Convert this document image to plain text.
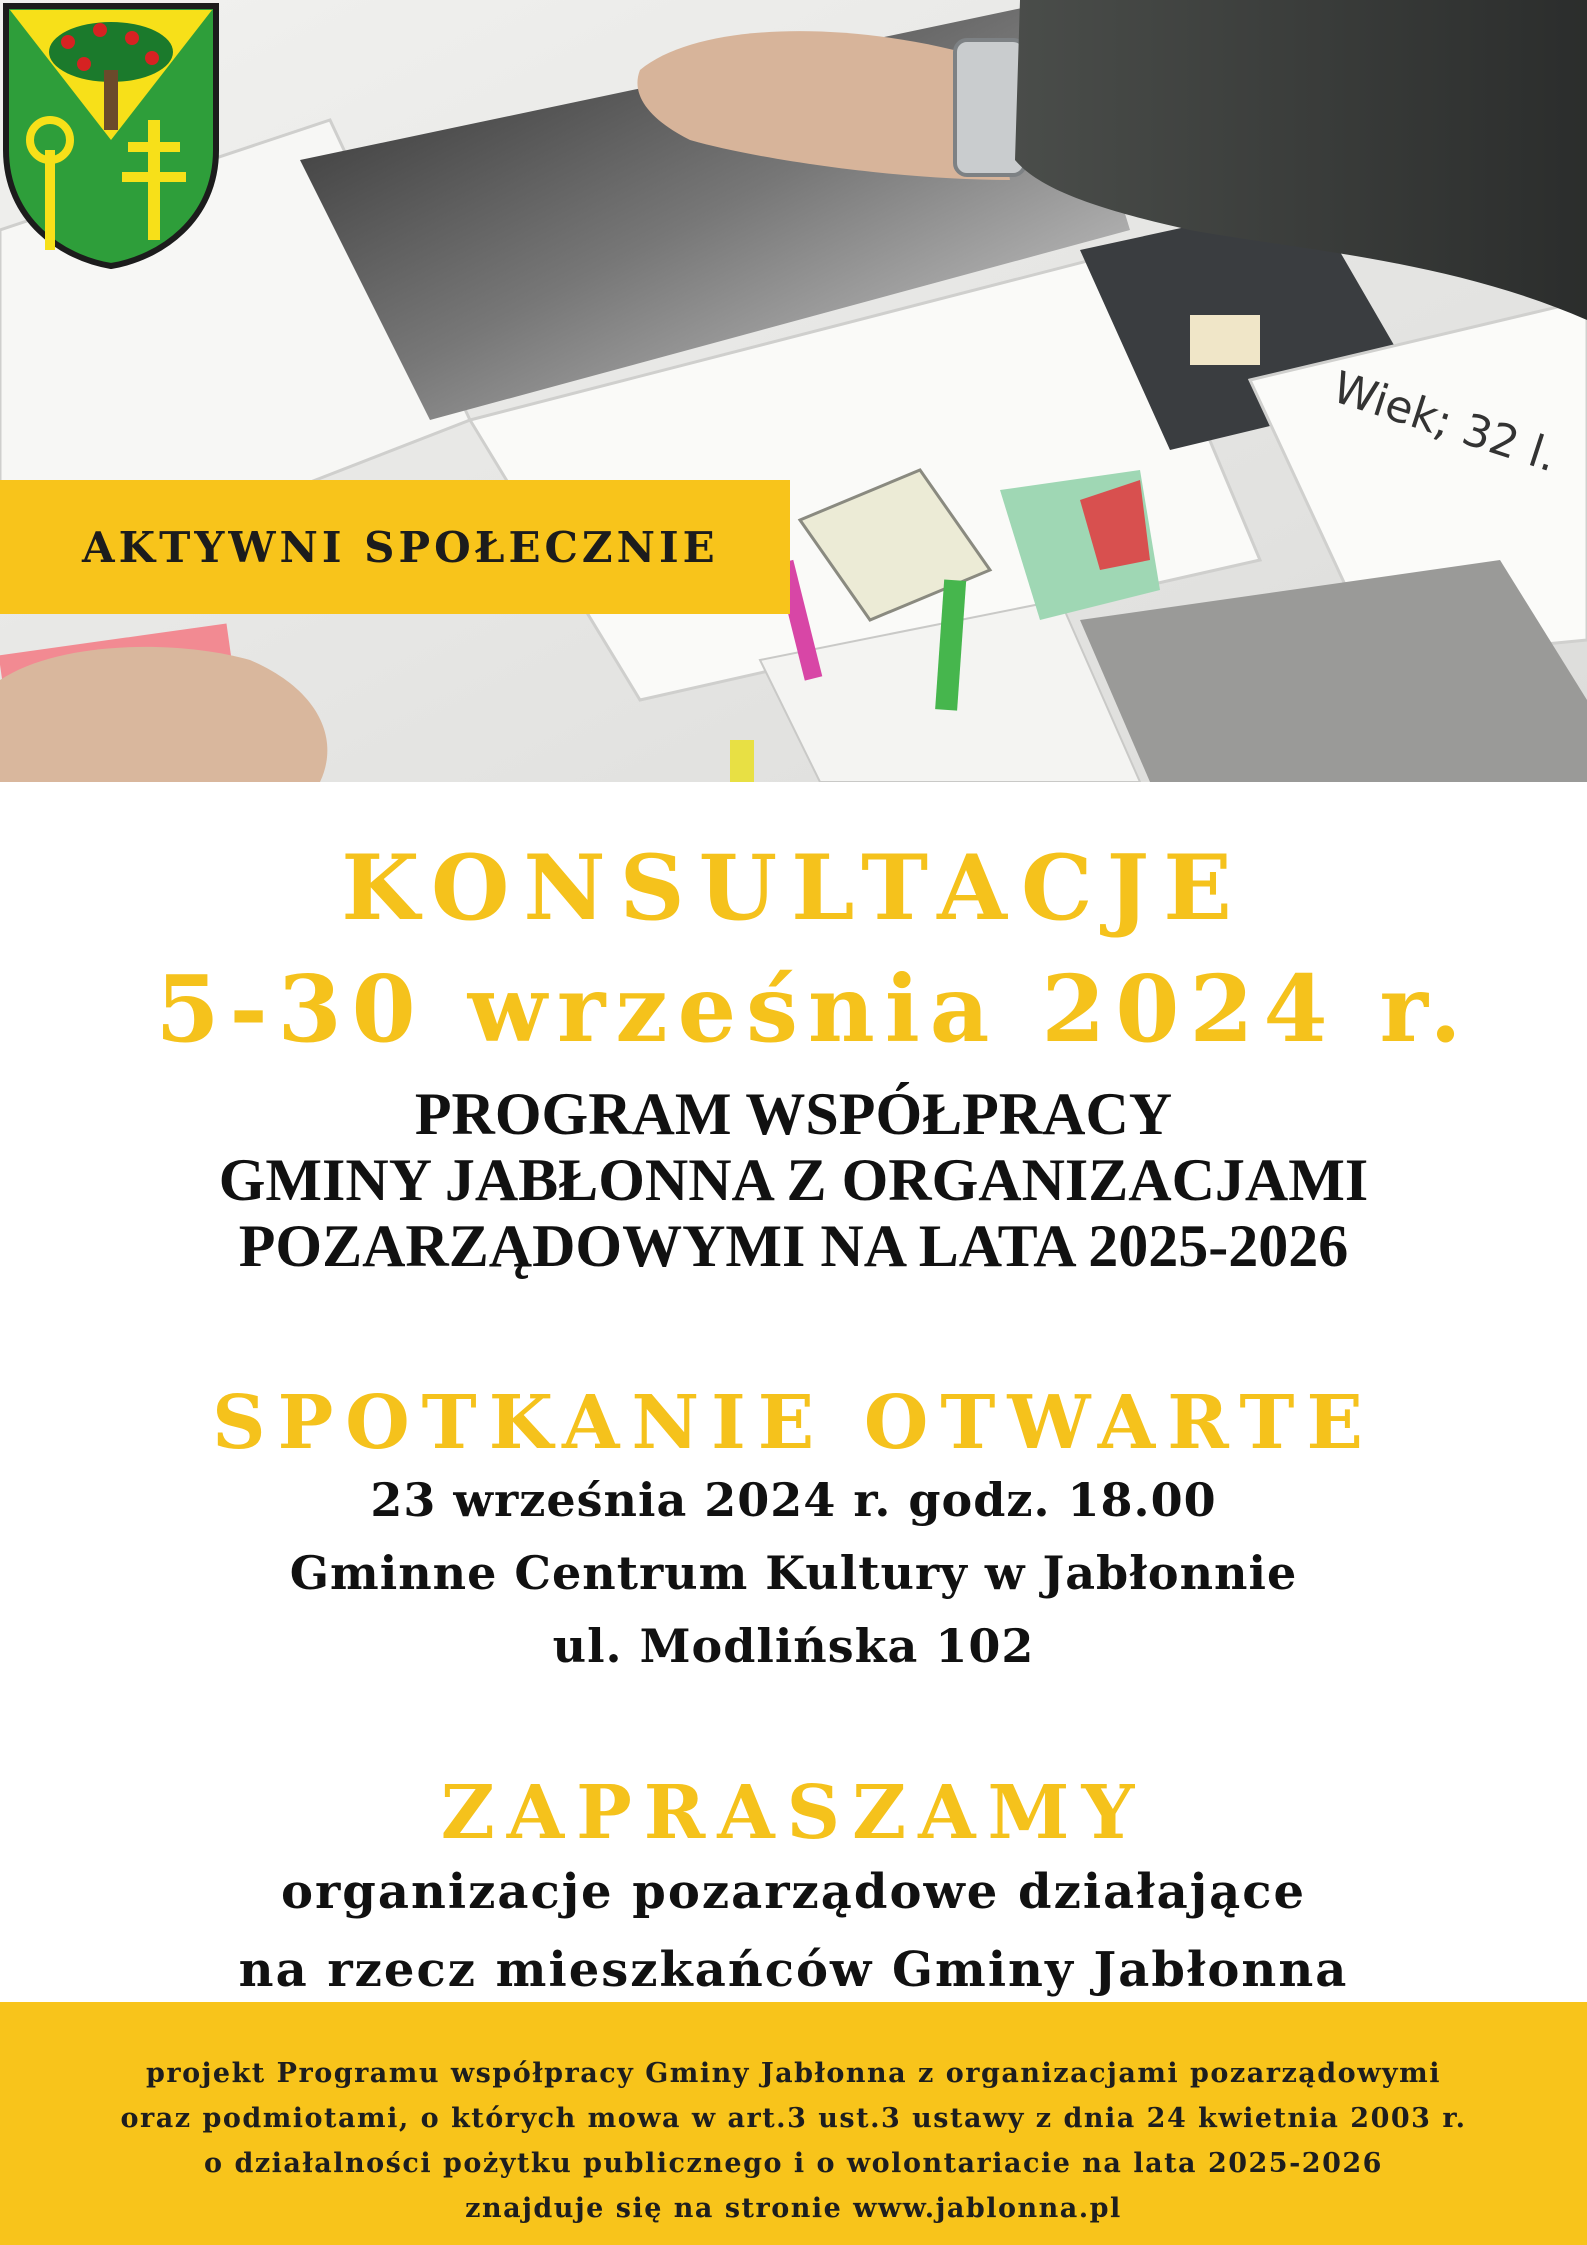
Wiek; 32 l.
AKTYWNI SPOŁECZNIE
KONSULTACJE
5-30 września 2024 r.
PROGRAM WSPÓŁPRACY
GMINY JABŁONNA Z ORGANIZACJAMI
POZARZĄDOWYMI NA LATA 2025-2026
SPOTKANIE OTWARTE
23 września 2024 r. godz. 18.00
Gminne Centrum Kultury w Jabłonnie
ul. Modlińska 102
ZAPRASZAMY
organizacje pozarządowe działające
na rzecz mieszkańców Gminy Jabłonna
projekt Programu współpracy Gminy Jabłonna z organizacjami pozarządowymi
oraz podmiotami, o których mowa w art.3 ust.3 ustawy z dnia 24 kwietnia 2003 r.
o działalności pożytku publicznego i o wolontariacie na lata 2025-2026
znajduje się na stronie www.jablonna.pl
